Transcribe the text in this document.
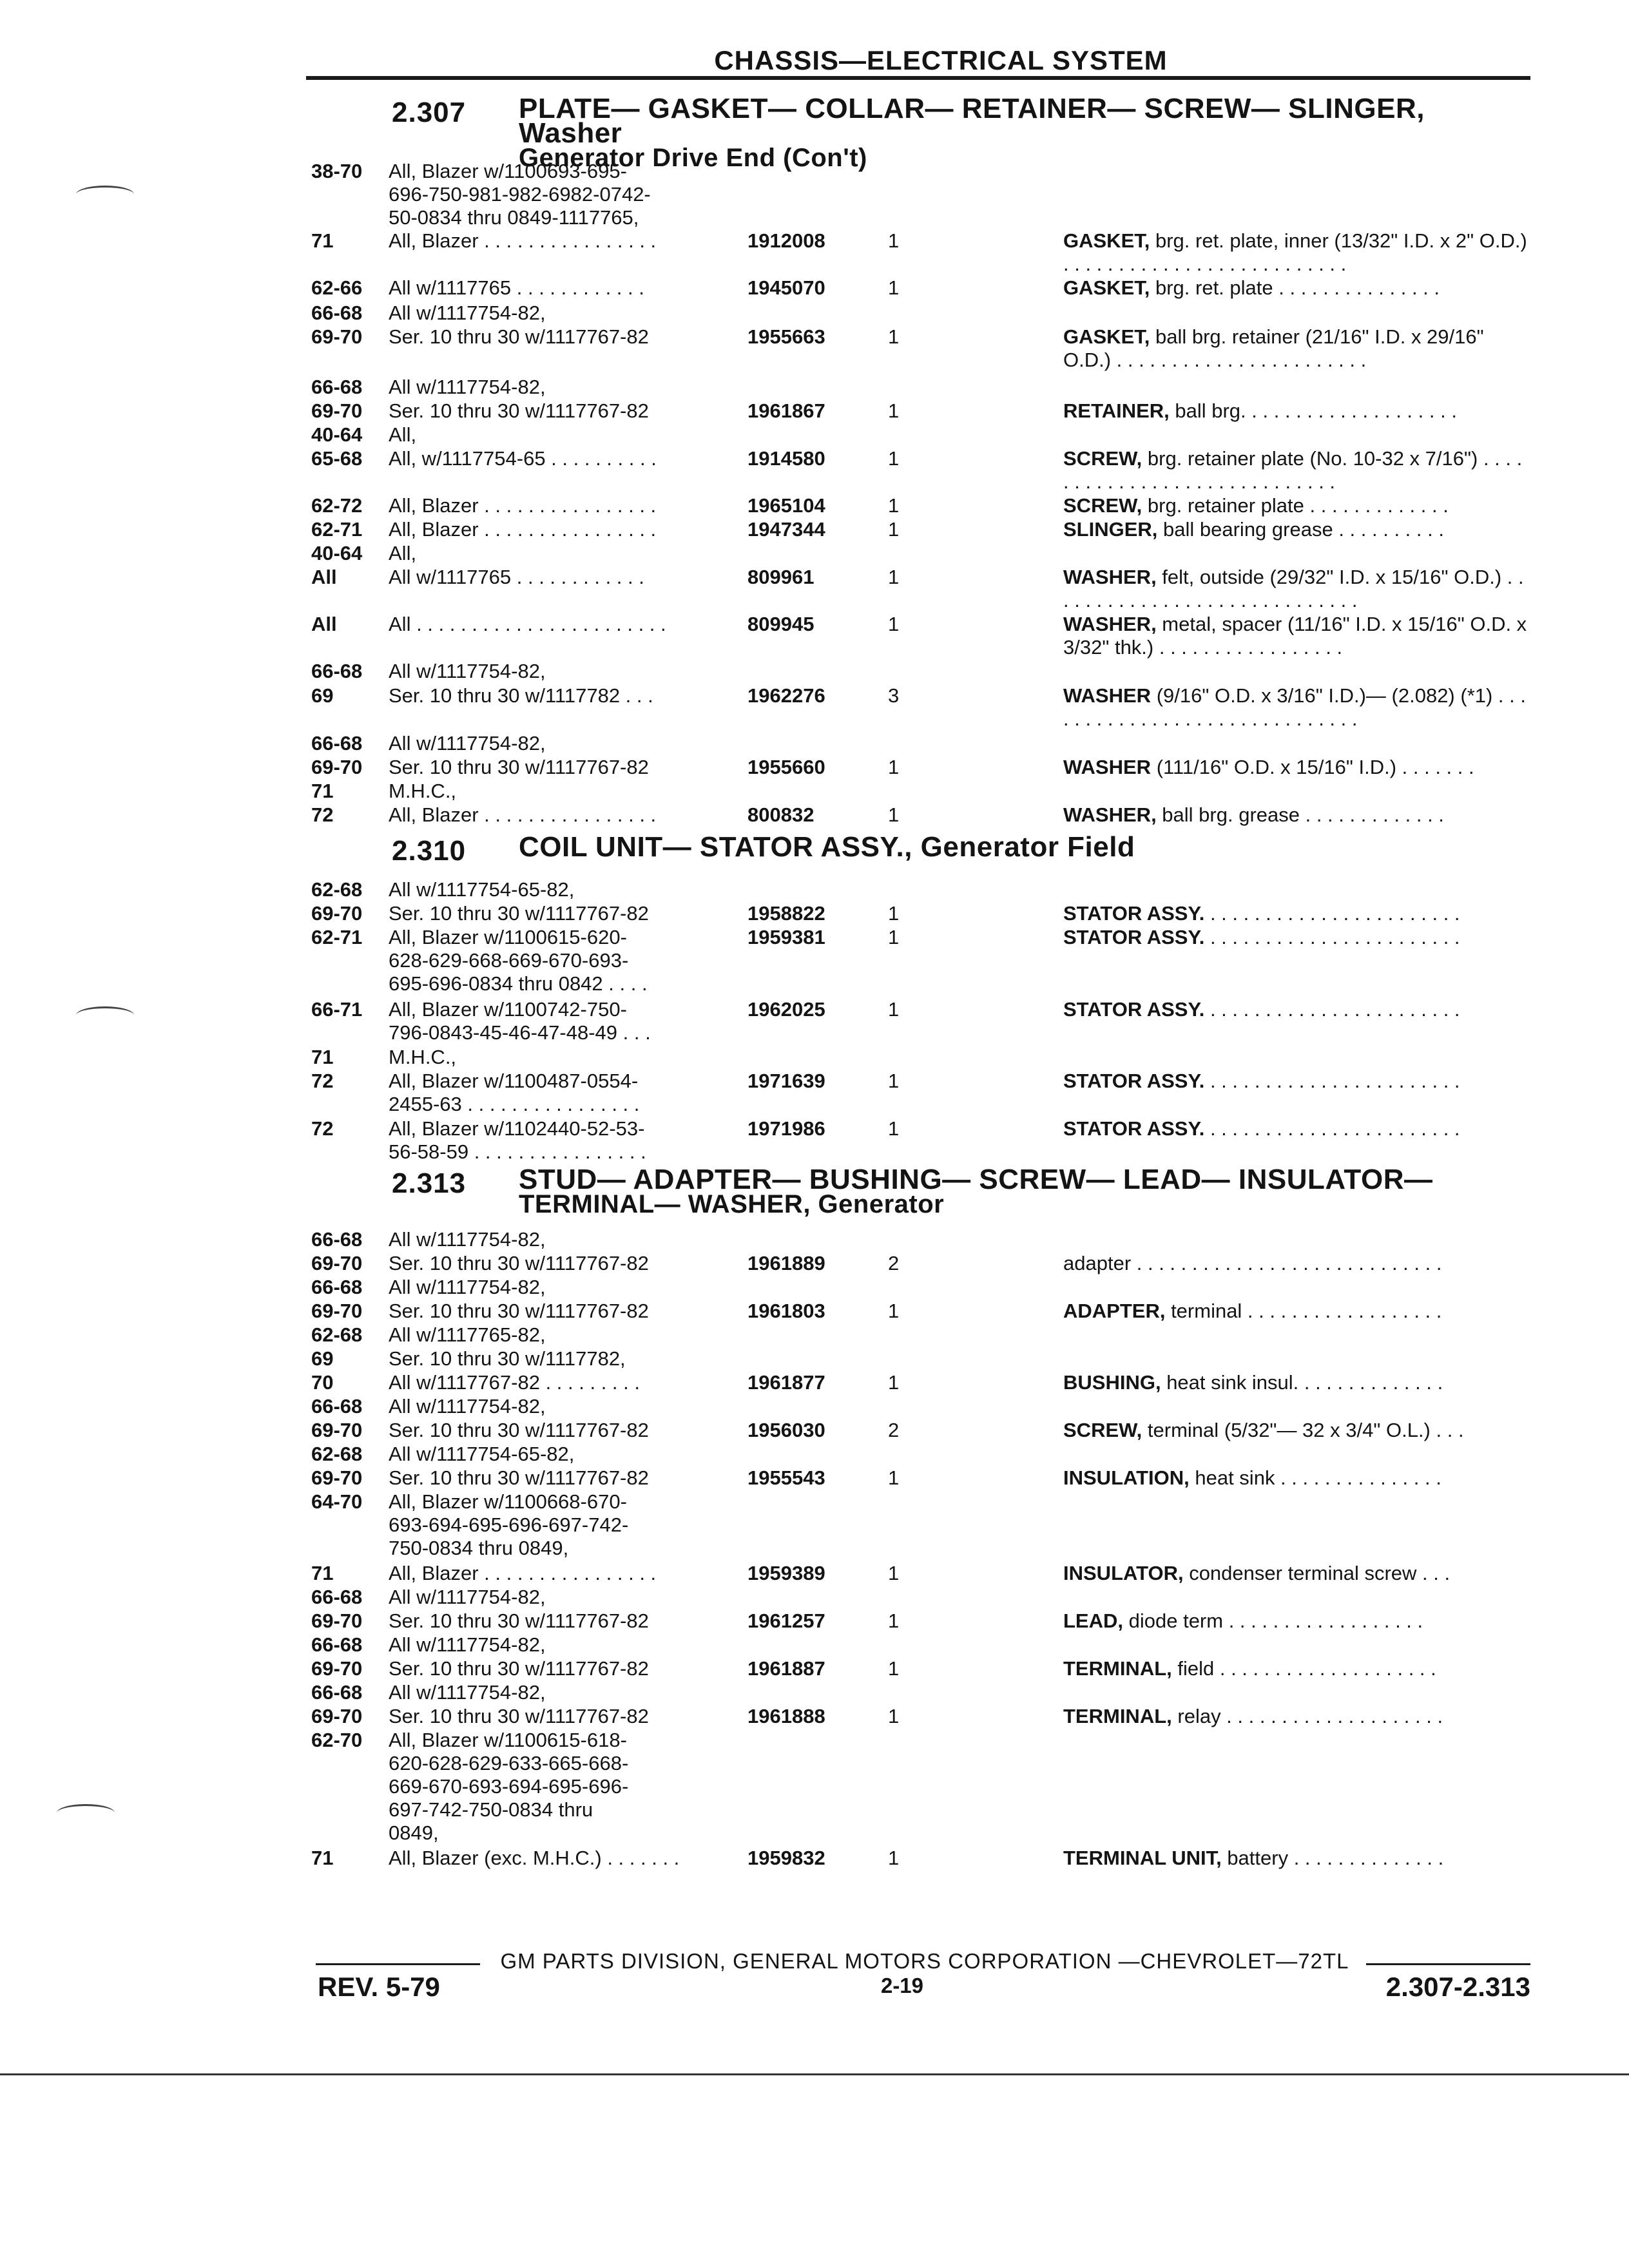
CHASSIS—ELECTRICAL SYSTEM
2.307 PLATE— GASKET— COLLAR— RETAINER— SCREW— SLINGER, Washer
Generator Drive End (Con't)
38-70 All, Blazer w/1100693-695-
696-750-981-982-6982-0742-
50-0834 thru 0849-1117765,
71	All, Blazer . . . . . . . . . . . . . . . .	1912008	1	GASKET, brg. ret. plate, inner (13/32" I.D. x 2" O.D.) . . . . . . . . . . . . . . . . . . . . . . . . . .
62-66 All w/1117765 . . . . . . . . . . . .	1945070	1	GASKET, brg. ret. plate . . . . . . . . . . . . . . .
66-68 All w/1117754-82,
69-70 Ser. 10 thru 30 w/1117767-82	1955663	1	GASKET, ball brg. retainer (21/16" I.D. x 29/16" O.D.) . . . . . . . . . . . . . . . . . . . . . . .
66-68 All w/1117754-82,
69-70 Ser. 10 thru 30 w/1117767-82	1961867	1	RETAINER, ball brg. . . . . . . . . . . . . . . . . . . .
40-64 All,
65-68 All, w/1117754-65 . . . . . . . . . .	1914580	1	SCREW, brg. retainer plate (No. 10-32 x 7/16") . . . . . . . . . . . . . . . . . . . . . . . . . . . . .
62-72 All, Blazer . . . . . . . . . . . . . . . .	1965104	1	SCREW, brg. retainer plate . . . . . . . . . . . . .
62-71 All, Blazer . . . . . . . . . . . . . . . .	1947344	1	SLINGER, ball bearing grease . . . . . . . . . .
40-64 All,
All	All w/1117765 . . . . . . . . . . . .	809961	1	WASHER, felt, outside (29/32" I.D. x 15/16" O.D.) . . . . . . . . . . . . . . . . . . . . . . . . . . . . .
All	All . . . . . . . . . . . . . . . . . . . . . . .	809945	1	WASHER, metal, spacer (11/16" I.D. x 15/16" O.D. x 3/32" thk.) . . . . . . . . . . . . . . . . .
66-68 All w/1117754-82,
69	Ser. 10 thru 30 w/1117782 . . .	1962276	3	WASHER (9/16" O.D. x 3/16" I.D.)— (2.082) (*1) . . . . . . . . . . . . . . . . . . . . . . . . . . . . . .
66-68 All w/1117754-82,
69-70 Ser. 10 thru 30 w/1117767-82	1955660	1	WASHER (111/16" O.D. x 15/16" I.D.) . . . . . . .
71	M.H.C.,
72	All, Blazer . . . . . . . . . . . . . . . .	800832	1	WASHER, ball brg. grease . . . . . . . . . . . . .
2.310 COIL UNIT— STATOR ASSY., Generator Field
62-68 All w/1117754-65-82,
69-70 Ser. 10 thru 30 w/1117767-82	1958822	1	STATOR ASSY. . . . . . . . . . . . . . . . . . . . . . . .
62-71 All, Blazer w/1100615-620-
628-629-668-669-670-693-
695-696-0834 thru 0842 . . . .
1959381	1	STATOR ASSY. . . . . . . . . . . . . . . . . . . . . . . .
66-71 All, Blazer w/1100742-750-
796-0843-45-46-47-48-49 . . .
1962025	1	STATOR ASSY. . . . . . . . . . . . . . . . . . . . . . . .
71	M.H.C.,
72	All, Blazer w/1100487-0554-
2455-63 . . . . . . . . . . . . . . . .
1971639	1	STATOR ASSY. . . . . . . . . . . . . . . . . . . . . . . .
72	All, Blazer w/1102440-52-53-
56-58-59 . . . . . . . . . . . . . . . .
1971986	1	STATOR ASSY. . . . . . . . . . . . . . . . . . . . . . . .
2.313 STUD— ADAPTER— BUSHING— SCREW— LEAD— INSULATOR—
TERMINAL— WASHER, Generator
66-68 All w/1117754-82,
69-70 Ser. 10 thru 30 w/1117767-82	1961889	2	adapter . . . . . . . . . . . . . . . . . . . . . . . . . . . .
66-68 All w/1117754-82,
69-70 Ser. 10 thru 30 w/1117767-82	1961803	1	ADAPTER, terminal . . . . . . . . . . . . . . . . . .
62-68 All w/1117765-82,
69	Ser. 10 thru 30 w/1117782,
70	All w/1117767-82 . . . . . . . . .	1961877	1	BUSHING, heat sink insul. . . . . . . . . . . . . .
66-68 All w/1117754-82,
69-70 Ser. 10 thru 30 w/1117767-82	1956030	2	SCREW, terminal (5/32"— 32 x 3/4" O.L.) . . .
62-68 All w/1117754-65-82,
69-70 Ser. 10 thru 30 w/1117767-82	1955543	1	INSULATION, heat sink . . . . . . . . . . . . . . .
64-70 All, Blazer w/1100668-670-
693-694-695-696-697-742-
750-0834 thru 0849,
71	All, Blazer . . . . . . . . . . . . . . . .	1959389	1	INSULATOR, condenser terminal screw . . .
66-68 All w/1117754-82,
69-70 Ser. 10 thru 30 w/1117767-82	1961257	1	LEAD, diode term . . . . . . . . . . . . . . . . . .
66-68 All w/1117754-82,
69-70 Ser. 10 thru 30 w/1117767-82	1961887	1	TERMINAL, field . . . . . . . . . . . . . . . . . . . .
66-68 All w/1117754-82,
69-70 Ser. 10 thru 30 w/1117767-82	1961888	1	TERMINAL, relay . . . . . . . . . . . . . . . . . . . .
62-70 All, Blazer w/1100615-618-
620-628-629-633-665-668-
669-670-693-694-695-696-
697-742-750-0834 thru
0849,
71	All, Blazer (exc. M.H.C.) . . . . . . .	1959832	1	TERMINAL UNIT, battery . . . . . . . . . . . . . .
GM PARTS DIVISION, GENERAL MOTORS CORPORATION —CHEVROLET—72TL
REV. 5-79	2-19	2.307-2.313
